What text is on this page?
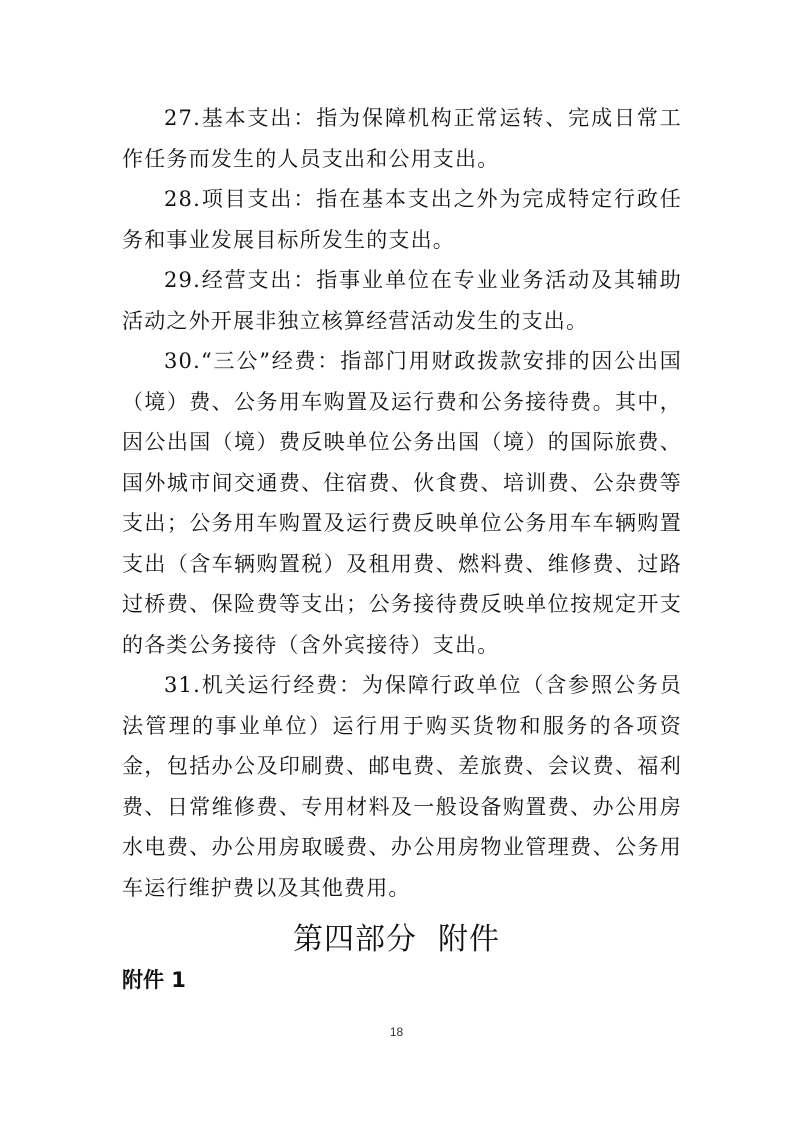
27.基本支出：指为保障机构正常运转、完成日常工作任务而发生的人员支出和公用支出。

28.项目支出：指在基本支出之外为完成特定行政任务和事业发展目标所发生的支出。

29.经营支出：指事业单位在专业业务活动及其辅助活动之外开展非独立核算经营活动发生的支出。

30.“三公”经费：指部门用财政拨款安排的因公出国（境）费、公务用车购置及运行费和公务接待费。其中，因公出国（境）费反映单位公务出国（境）的国际旅费、国外城市间交通费、住宿费、伙食费、培训费、公杂费等支出；公务用车购置及运行费反映单位公务用车车辆购置支出（含车辆购置税）及租用费、燃料费、维修费、过路过桥费、保险费等支出；公务接待费反映单位按规定开支的各类公务接待（含外宾接待）支出。

31.机关运行经费：为保障行政单位（含参照公务员法管理的事业单位）运行用于购买货物和服务的各项资金，包括办公及印刷费、邮电费、差旅费、会议费、福利费、日常维修费、专用材料及一般设备购置费、办公用房水电费、办公用房取暖费、办公用房物业管理费、公务用车运行维护费以及其他费用。

第四部分  附件

附件 1

18
